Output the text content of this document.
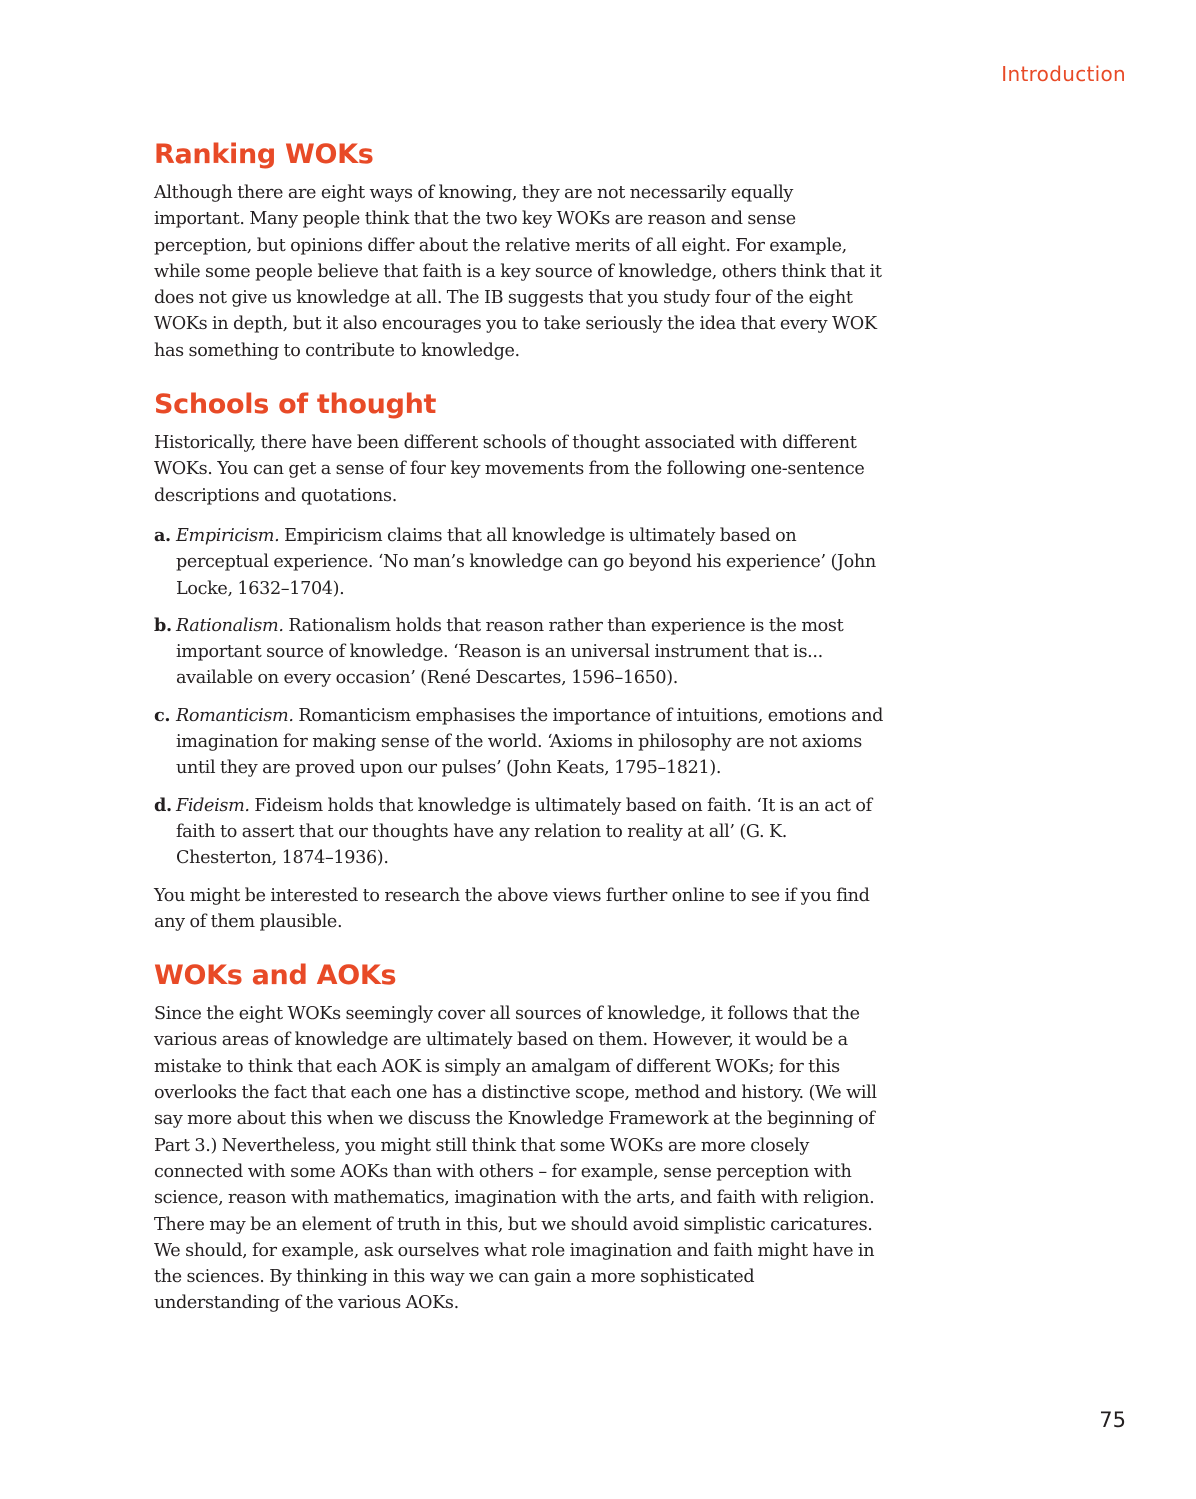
Introduction
Ranking WOKs

Although there are eight ways of knowing, they are not necessarily equally important. Many people think that the two key WOKs are reason and sense perception, but opinions differ about the relative merits of all eight. For example, while some people believe that faith is a key source of knowledge, others think that it does not give us knowledge at all. The IB suggests that you study four of the eight WOKs in depth, but it also encourages you to take seriously the idea that every WOK has something to contribute to knowledge.

Schools of thought

Historically, there have been different schools of thought associated with different WOKs. You can get a sense of four key movements from the following one-sentence descriptions and quotations.

a. Empiricism. Empiricism claims that all knowledge is ultimately based on perceptual experience. ‘No man’s knowledge can go beyond his experience’ (John Locke, 1632–1704).
b. Rationalism. Rationalism holds that reason rather than experience is the most important source of knowledge. ‘Reason is an universal instrument that is... available on every occasion’ (René Descartes, 1596–1650).
c. Romanticism. Romanticism emphasises the importance of intuitions, emotions and imagination for making sense of the world. ‘Axioms in philosophy are not axioms until they are proved upon our pulses’ (John Keats, 1795–1821).
d. Fideism. Fideism holds that knowledge is ultimately based on faith. ‘It is an act of faith to assert that our thoughts have any relation to reality at all’ (G. K. Chesterton, 1874–1936).

You might be interested to research the above views further online to see if you find any of them plausible.

WOKs and AOKs

Since the eight WOKs seemingly cover all sources of knowledge, it follows that the various areas of knowledge are ultimately based on them. However, it would be a mistake to think that each AOK is simply an amalgam of different WOKs; for this overlooks the fact that each one has a distinctive scope, method and history. (We will say more about this when we discuss the Knowledge Framework at the beginning of Part 3.) Nevertheless, you might still think that some WOKs are more closely connected with some AOKs than with others – for example, sense perception with science, reason with mathematics, imagination with the arts, and faith with religion. There may be an element of truth in this, but we should avoid simplistic caricatures. We should, for example, ask ourselves what role imagination and faith might have in the sciences. By thinking in this way we can gain a more sophisticated understanding of the various AOKs.

75
